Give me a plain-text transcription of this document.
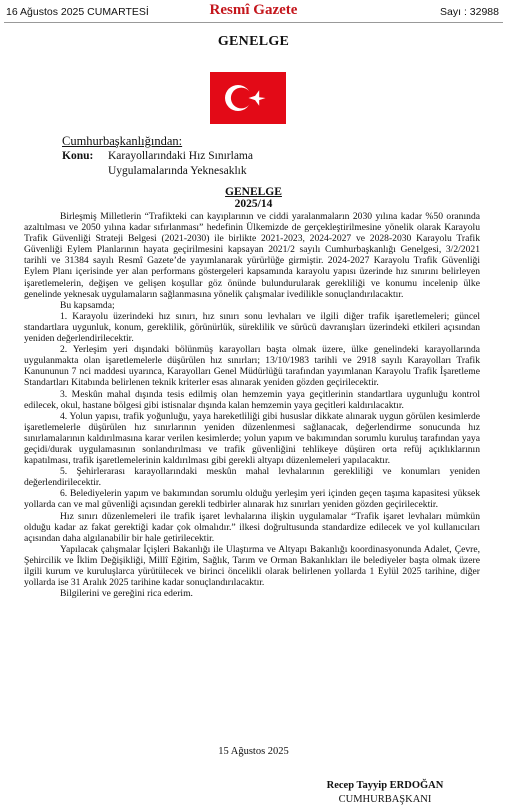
16 Ağustos 2025 CUMARTESİ	Resmî Gazete	Sayı : 32988
GENELGE
Cumhurbaşkanlığından:
Konu: Karayollarındaki Hız Sınırlama
Uygulamalarında Yeknesaklık
GENELGE
2025/14

Birleşmiş Milletlerin “Trafikteki can kayıplarının ve ciddi yaralanmaların 2030 yılına kadar %50 oranında azaltılması ve 2050 yılına kadar sıfırlanması” hedefinin Ülkemizde de gerçekleştirilmesine yönelik olarak Karayolu Trafik Güvenliği Strateji Belgesi (2021-2030) ile birlikte 2021-2023, 2024-2027 ve 2028-2030 Karayolu Trafik Güvenliği Eylem Planlarının hayata geçirilmesini kapsayan 2021/2 sayılı Cumhurbaşkanlığı Genelgesi, 3/2/2021 tarihli ve 31384 sayılı Resmî Gazete’de yayımlanarak yürürlüğe girmiştir. 2024-2027 Karayolu Trafik Güvenliği Eylem Planı içerisinde yer alan performans göstergeleri kapsamında karayolu yapısı üzerinde hız sınırını belirleyen işaretlemelerin, değişen ve gelişen koşullar göz önünde bulundurularak gerekliliği ve konumu incelenip ülke genelinde yeknesak uygulamaların sağlanmasına yönelik çalışmalar ivedilikle sonuçlandırılacaktır.

Bu kapsamda;

1. Karayolu üzerindeki hız sınırı, hız sınırı sonu levhaları ve ilgili diğer trafik işaretlemeleri; güncel standartlara uygunluk, konum, gereklilik, görünürlük, süreklilik ve sürücü davranışları üzerindeki etkileri açısından yeniden değerlendirilecektir.

2. Yerleşim yeri dışındaki bölünmüş karayolları başta olmak üzere, ülke genelindeki karayollarında uygulanmakta olan işaretlemelerle düşürülen hız sınırları; 13/10/1983 tarihli ve 2918 sayılı Karayolları Trafik Kanununun 7 nci maddesi uyarınca, Karayolları Genel Müdürlüğü tarafından yayımlanan Karayolu Trafik İşaretleme Standartları Kitabında belirlenen teknik kriterler esas alınarak yeniden gözden geçirilecektir.

3. Meskûn mahal dışında tesis edilmiş olan hemzemin yaya geçitlerinin standartlara uygunluğu kontrol edilecek, okul, hastane bölgesi gibi istisnalar dışında kalan hemzemin yaya geçitleri kaldırılacaktır.

4. Yolun yapısı, trafik yoğunluğu, yaya hareketliliği gibi hususlar dikkate alınarak uygun görülen kesimlerde işaretlemelerle düşürülen hız sınırlarının yeniden düzenlenmesi sağlanacak, değerlendirme sonucunda hız sınırlamalarının kaldırılmasına karar verilen kesimlerde; yolun yapım ve bakımından sorumlu kuruluş tarafından yaya geçidi/durak uygulamasının sonlandırılması ve trafik güvenliğini tehlikeye düşüren orta refüj açıklıklarının kapatılması, trafik işaretlemelerinin kaldırılması gibi gerekli altyapı düzenlemeleri yapılacaktır.

5. Şehirlerarası karayollarındaki meskûn mahal levhalarının gerekliliği ve konumları yeniden değerlendirilecektir.

6. Belediyelerin yapım ve bakımından sorumlu olduğu yerleşim yeri içinden geçen taşıma kapasitesi yüksek yollarda can ve mal güvenliği açısından gerekli tedbirler alınarak hız sınırları yeniden gözden geçirilecektir.

Hız sınırı düzenlemeleri ile trafik işaret levhalarına ilişkin uygulamalar “Trafik işaret levhaları mümkün olduğu kadar az fakat gerektiği kadar çok olmalıdır.” ilkesi doğrultusunda standardize edilecek ve yol kullanıcıları açısından daha algılanabilir bir hale getirilecektir.

Yapılacak çalışmalar İçişleri Bakanlığı ile Ulaştırma ve Altyapı Bakanlığı koordinasyonunda Adalet, Çevre, Şehircilik ve İklim Değişikliği, Millî Eğitim, Sağlık, Tarım ve Orman Bakanlıkları ile belediyeler başta olmak üzere ilgili kurum ve kuruluşlarca yürütülecek ve birinci öncelikli olarak belirlenen yollarda 1 Eylül 2025 tarihine, diğer yollarda ise 31 Aralık 2025 tarihine kadar sonuçlandırılacaktır.

Bilgilerini ve gereğini rica ederim.

15 Ağustos 2025
Recep Tayyip ERDOĞAN
CUMHURBAŞKANI
